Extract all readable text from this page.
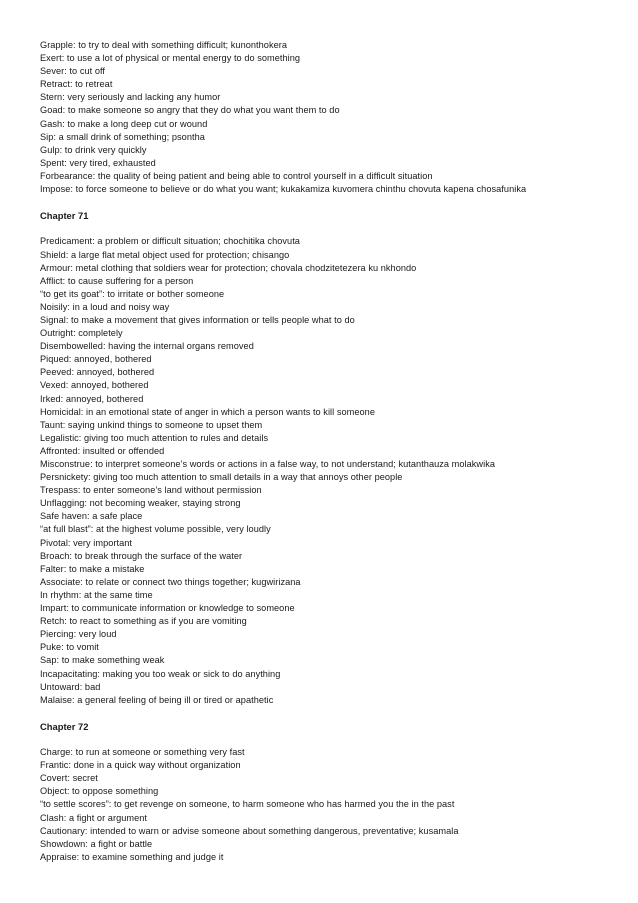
Grapple: to try to deal with something difficult; kunonthokera
Exert: to use a lot of physical or mental energy to do something
Sever: to cut off
Retract: to retreat
Stern: very seriously and lacking any humor
Goad: to make someone so angry that they do what you want them to do
Gash: to make a long deep cut or wound
Sip: a small drink of something; psontha
Gulp: to drink very quickly
Spent: very tired, exhausted
Forbearance: the quality of being patient and being able to control yourself in a difficult situation
Impose: to force someone to believe or do what you want; kukakamiza kuvomera chinthu chovuta kapena chosafunika
Chapter 71
Predicament: a problem or difficult situation; chochitika chovuta
Shield: a large flat metal object used for protection; chisango
Armour: metal clothing that soldiers wear for protection; chovala chodzitetezera ku nkhondo
Afflict: to cause suffering for a person
“to get its goat”: to irritate or bother someone
Noisily: in a loud and noisy way
Signal: to make a movement that gives information or tells people what to do
Outright: completely
Disembowelled: having the internal organs removed
Piqued: annoyed, bothered
Peeved: annoyed, bothered
Vexed: annoyed, bothered
Irked: annoyed, bothered
Homicidal: in an emotional state of anger in which a person wants to kill someone
Taunt: saying unkind things to someone to upset them
Legalistic: giving too much attention to rules and details
Affronted: insulted or offended
Misconstrue: to interpret someone’s words or actions in a false way, to not understand; kutanthauza molakwika
Persnickety: giving too much attention to small details in a way that annoys other people
Trespass: to enter someone’s land without permission
Unflagging: not becoming weaker, staying strong
Safe haven: a safe place
“at full blast”: at the highest volume possible, very loudly
Pivotal: very important
Broach: to break through the surface of the water
Falter: to make a mistake
Associate: to relate or connect two things together; kugwirizana
In rhythm: at the same time
Impart: to communicate information or knowledge to someone
Retch: to react to something as if you are vomiting
Piercing: very loud
Puke: to vomit
Sap: to make something weak
Incapacitating: making you too weak or sick to do anything
Untoward: bad
Malaise: a general feeling of being ill or tired or apathetic
Chapter 72
Charge: to run at someone or something very fast
Frantic: done in a quick way without organization
Covert: secret
Object: to oppose something
“to settle scores”: to get revenge on someone, to harm someone who has harmed you the in the past
Clash: a fight or argument
Cautionary: intended to warn or advise someone about something dangerous, preventative; kusamala
Showdown: a fight or battle
Appraise: to examine something and judge it
